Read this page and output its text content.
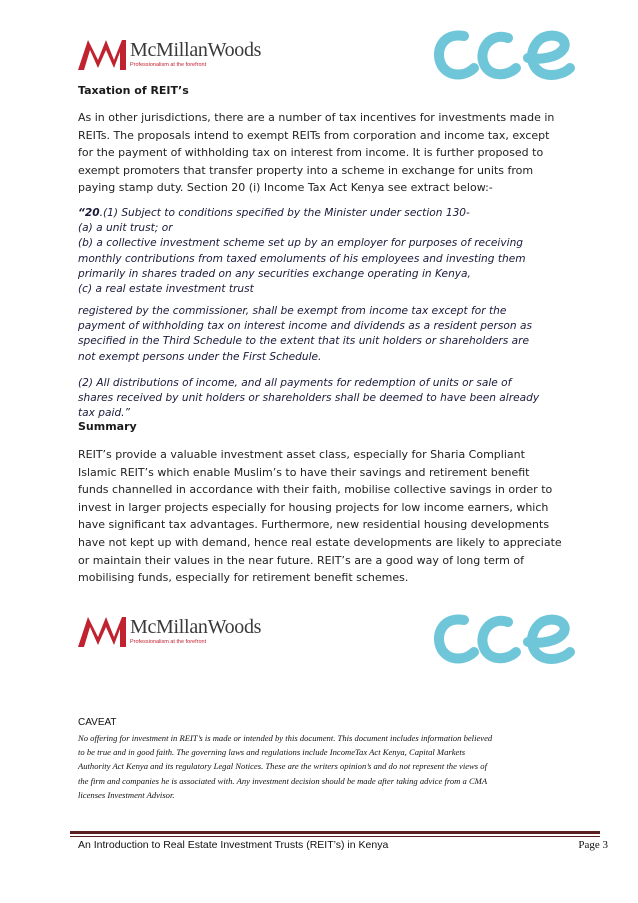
McMillanWoods
Professionalism at the forefront
Taxation of REIT’s
As in other jurisdictions, there are a number of tax incentives for investments made in
REITs. The proposals intend to exempt REITs from corporation and income tax, except
for the payment of withholding tax on interest from income. It is further proposed to
exempt promoters that transfer property into a scheme in exchange for units from
paying stamp duty. Section 20 (i) Income Tax Act Kenya see extract below:-
“20.(1) Subject to conditions specified by the Minister under section 130-
(a) a unit trust; or
(b) a collective investment scheme set up by an employer for purposes of receiving
monthly contributions from taxed emoluments of his employees and investing them
primarily in shares traded on any securities exchange operating in Kenya,
(c) a real estate investment trust
registered by the commissioner, shall be exempt from income tax except for the
payment of withholding tax on interest income and dividends as a resident person as
specified in the Third Schedule to the extent that its unit holders or shareholders are
not exempt persons under the First Schedule.
(2) All distributions of income, and all payments for redemption of units or sale of
shares received by unit holders or shareholders shall be deemed to have been already
tax paid.”
Summary
REIT’s provide a valuable investment asset class, especially for Sharia Compliant
Islamic REIT’s which enable Muslim’s to have their savings and retirement benefit
funds channelled in accordance with their faith, mobilise collective savings in order to
invest in larger projects especially for housing projects for low income earners, which
have significant tax advantages. Furthermore, new residential housing developments
have not kept up with demand, hence real estate developments are likely to appreciate
or maintain their values in the near future. REIT’s are a good way of long term of
mobilising funds, especially for retirement benefit schemes.
McMillanWoods
Professionalism at the forefront
CAVEAT
No offering for investment in REIT’s is made or intended by this document. This document includes information believed
to be true and in good faith. The governing laws and regulations include IncomeTax Act Kenya, Capital Markets
Authority Act Kenya and its regulatory Legal Notices. These are the writers opinion’s and do not represent the views of
the firm and companies he is associated with. Any investment decision should be made after taking advice from a CMA
licenses Investment Advisor.
An Introduction to Real Estate Investment Trusts (REIT’s) in Kenya	Page 3
